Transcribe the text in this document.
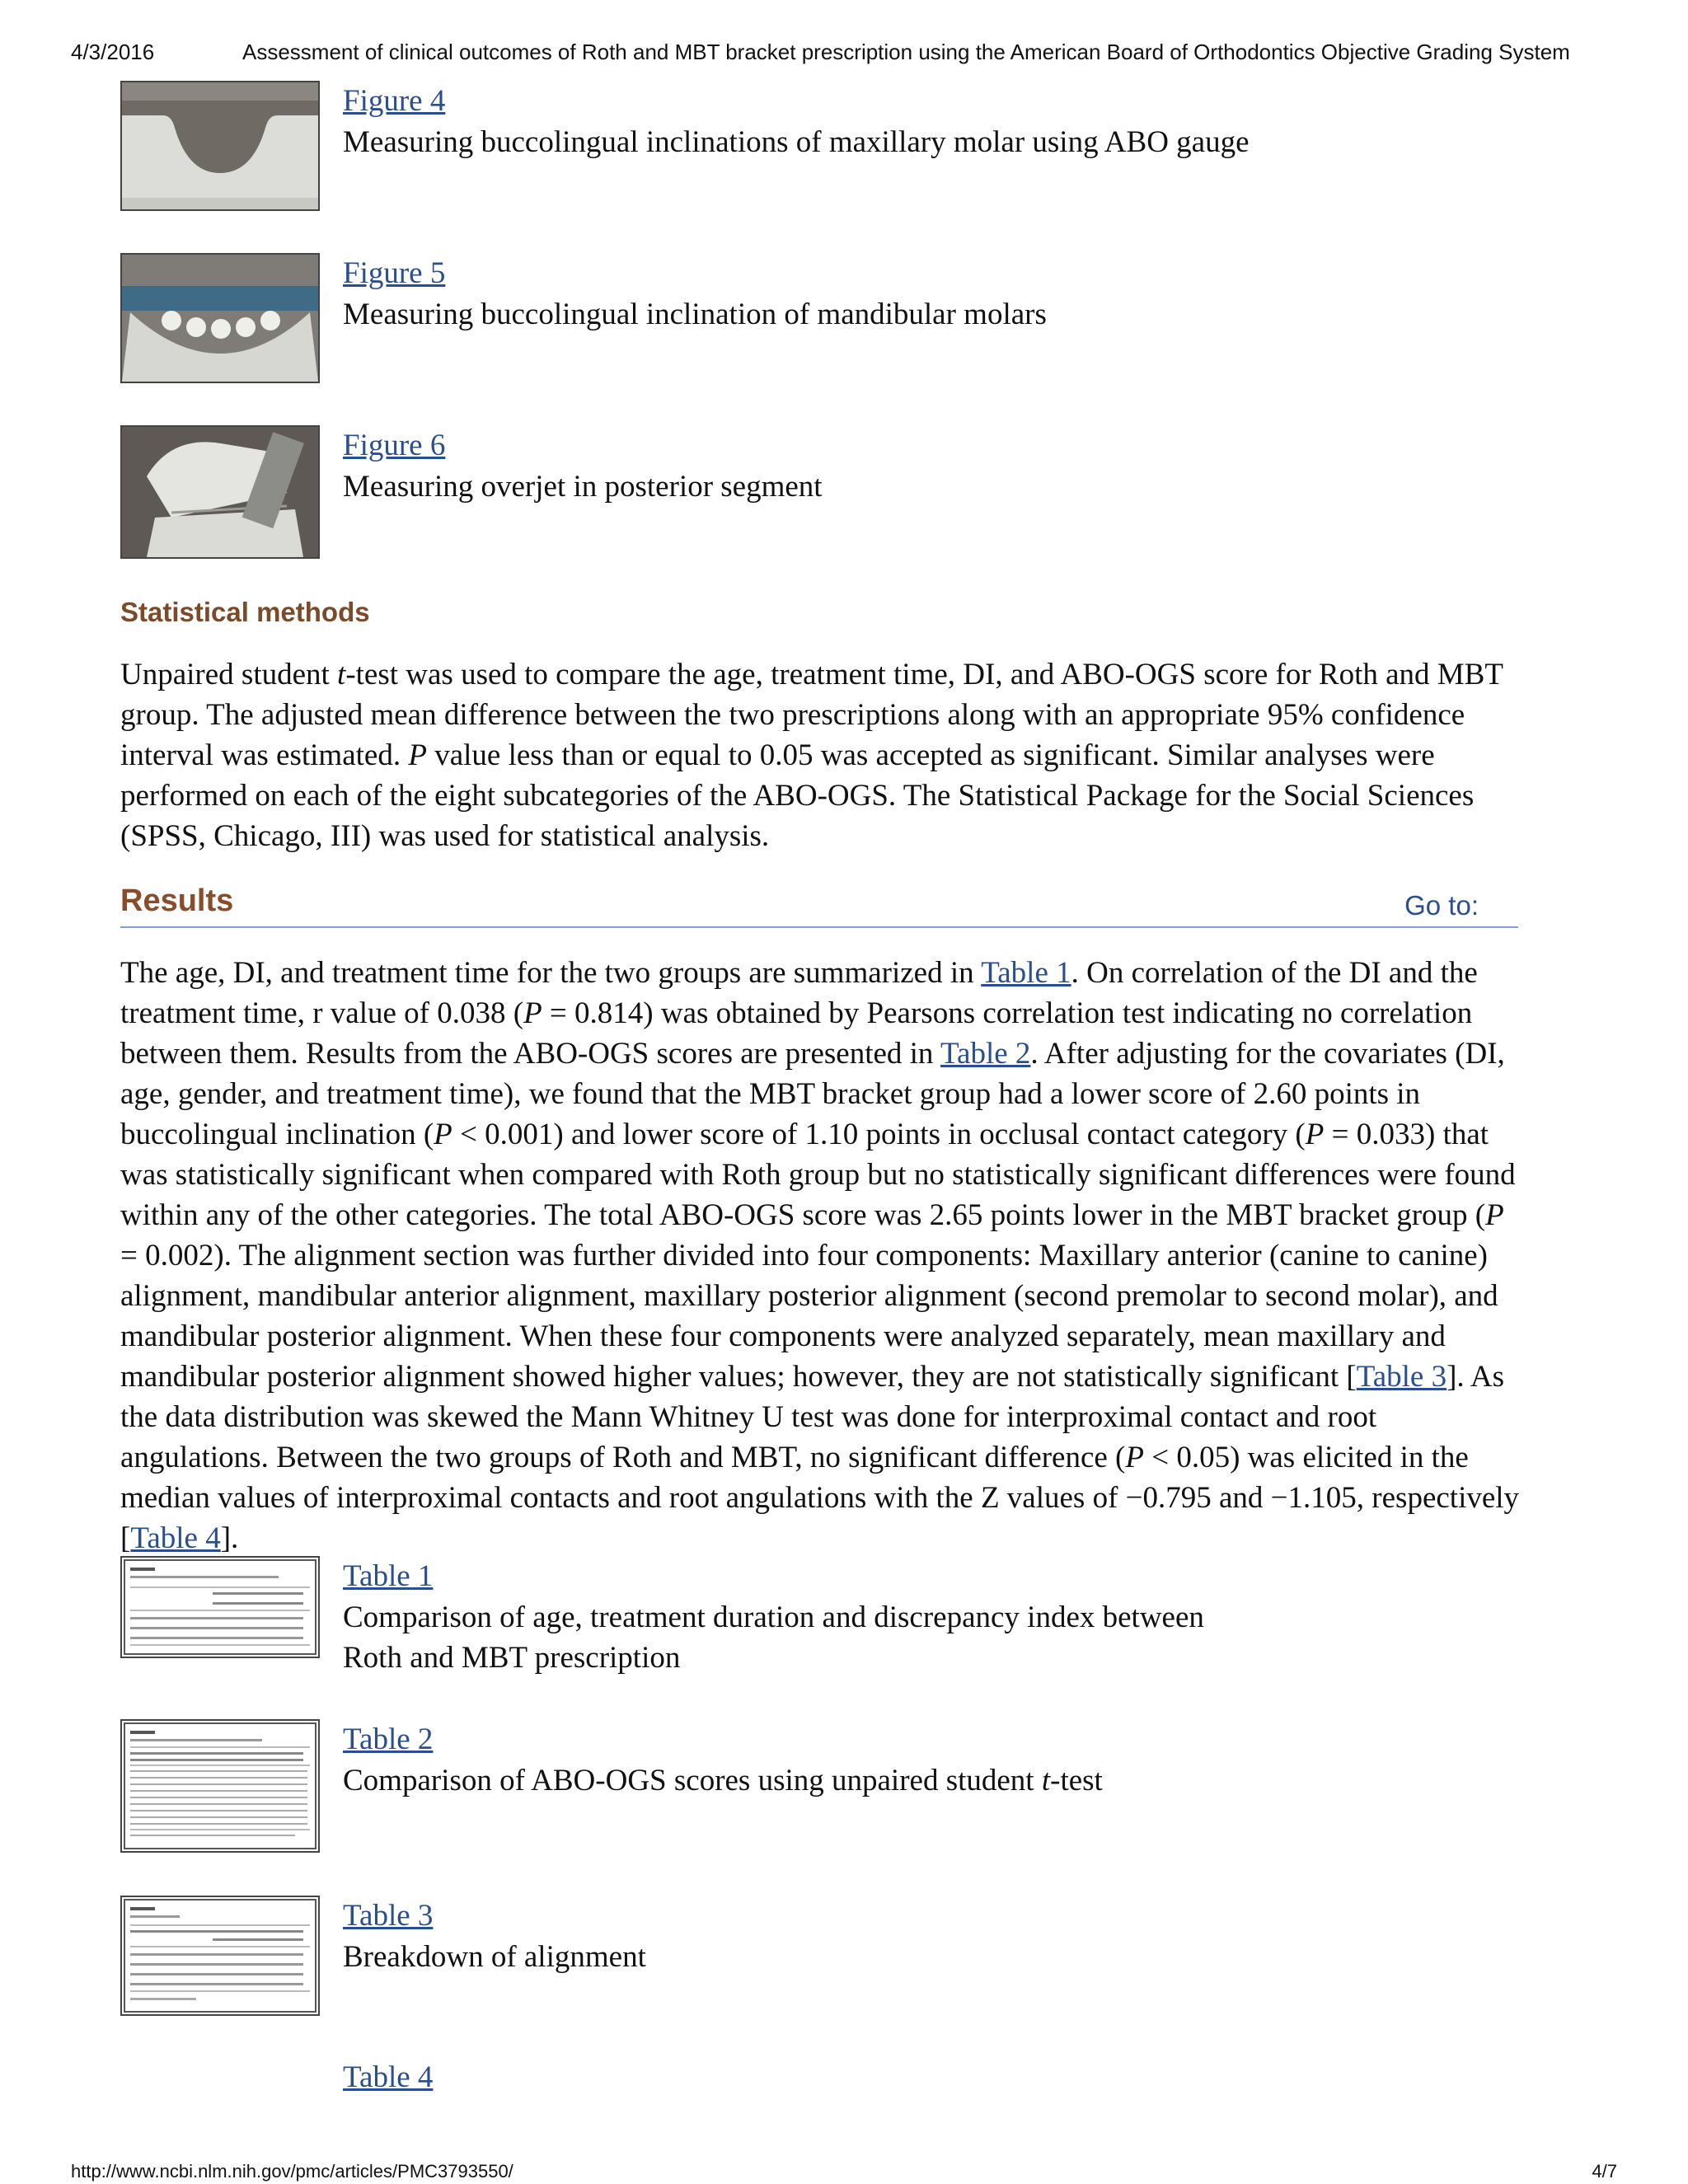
4/3/2016	Assessment of clinical outcomes of Roth and MBT bracket prescription using the American Board of Orthodontics Objective Grading System
Figure 4
Measuring buccolingual inclinations of maxillary molar using ABO gauge
Figure 5
Measuring buccolingual inclination of mandibular molars
Figure 6
Measuring overjet in posterior segment
Statistical methods
Unpaired student t-test was used to compare the age, treatment time, DI, and ABO-OGS score for Roth and MBT group. The adjusted mean difference between the two prescriptions along with an appropriate 95% confidence interval was estimated. P value less than or equal to 0.05 was accepted as significant. Similar analyses were performed on each of the eight subcategories of the ABO-OGS. The Statistical Package for the Social Sciences (SPSS, Chicago, III) was used for statistical analysis.
Results	Go to:
The age, DI, and treatment time for the two groups are summarized in Table 1. On correlation of the DI and the treatment time, r value of 0.038 (P = 0.814) was obtained by Pearsons correlation test indicating no correlation between them. Results from the ABO-OGS scores are presented in Table 2. After adjusting for the covariates (DI, age, gender, and treatment time), we found that the MBT bracket group had a lower score of 2.60 points in buccolingual inclination (P < 0.001) and lower score of 1.10 points in occlusal contact category (P = 0.033) that was statistically significant when compared with Roth group but no statistically significant differences were found within any of the other categories. The total ABO-OGS score was 2.65 points lower in the MBT bracket group (P = 0.002). The alignment section was further divided into four components: Maxillary anterior (canine to canine) alignment, mandibular anterior alignment, maxillary posterior alignment (second premolar to second molar), and mandibular posterior alignment. When these four components were analyzed separately, mean maxillary and mandibular posterior alignment showed higher values; however, they are not statistically significant [Table 3]. As the data distribution was skewed the Mann Whitney U test was done for interproximal contact and root angulations. Between the two groups of Roth and MBT, no significant difference (P < 0.05) was elicited in the median values of interproximal contacts and root angulations with the Z values of −0.795 and −1.105, respectively [Table 4].
Table 1
Comparison of age, treatment duration and discrepancy index between Roth and MBT prescription
Table 2
Comparison of ABO-OGS scores using unpaired student t-test
Table 3
Breakdown of alignment
Table 4
http://www.ncbi.nlm.nih.gov/pmc/articles/PMC3793550/	4/7
